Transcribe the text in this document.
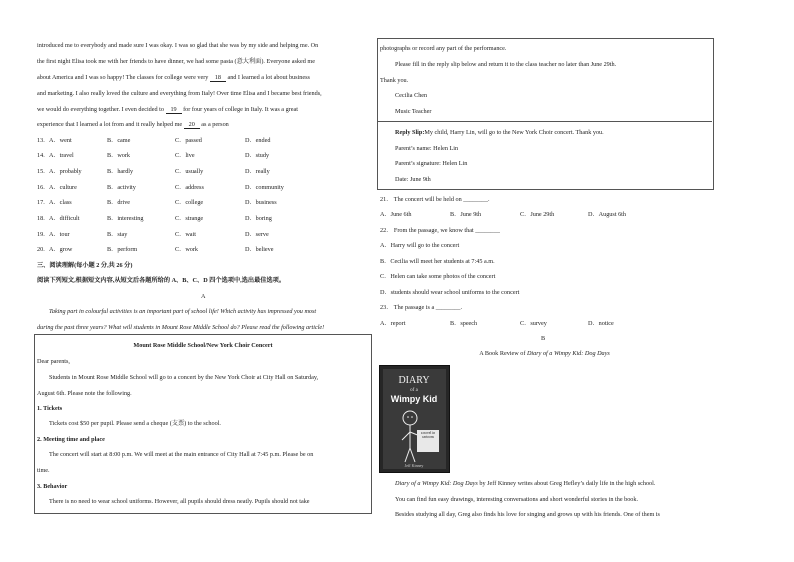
introduced me to everybody and made sure I was okay. I was so glad that she was by my side and helping me. On
the first night Elisa took me with her friends to have dinner, we had some pasta (意大利面). Everyone asked me
about America and I was so happy! The classes for college were very 18 and I learned a lot about business
and marketing. I also really loved the culture and everything from Italy! Over time Elisa and I became best friends,
we would do everything together. I even decided to 19 for four years of college in Italy. It was a great
experience that I learned a lot from and it really helped me 20 as a person
13. A．went	B．came	C．passed	D．ended
14. A．travel	B．work	C．live	D．study
15. A．probably	B．hardly	C．usually	D．really
16. A．culture	B．activity	C．address	D．community
17. A．class	B．drive	C．college	D．business
18. A．difficult	B．interesting	C．strange	D．boring
19. A．tour	B．stay	C．wait	D．serve
20. A．grow	B．perform	C．work	D．believe
三、阅读理解(每小题 2 分,共 26 分)
阅读下列短文,根据短文内容,从短文后各题所给的 A、B、C、D 四个选项中,选出最佳选项。
A
Taking part in colourful activities is an important part of school life! Which activity has impressed you most
during the past three years? What will students in Mount Rose Middle School do? Please read the following article!
Mount Rose Middle School/New York Choir Concert
Dear parents,
Students in Mount Rose Middle School will go to a concert by the New York Choir at City Hall on Saturday,
August 6th. Please note the following.
1. Tickets
Tickets cost $50 per pupil. Please send a cheque (支票) to the school.
2. Meeting time and place
The concert will start at 8:00 p.m. We will meet at the main entrance of City Hall at 7:45 p.m. Please be on
time.
3. Behavior
There is no need to wear school uniforms. However, all pupils should dress neatly. Pupils should not take
photographs or record any part of the performance.
Please fill in the reply slip below and return it to the class teacher no later than June 29th.
Thank you.
Cecilia Chen
Music Teacher
Reply Slip:My child, Harry Lin, will go to the New York Choir concert. Thank you.
Parent’s name: Helen Lin
Parent’s signature: Helen Lin
Date: June 9th
21． The concert will be held on ________.
A．June 6th	B．June 9th	C．June 29th	D．August 6th
22． From the passage, we know that ________
A．Harry will go to the concert
B．Cecilia will meet her students at 7:45 a.m.
C．Helen can take some photos of the concert
D．students should wear school uniforms to the concert
23． The passage is a ________.
A．report	B．speech	C．survey	D．notice
B
A Book Review of Diary of a Wimpy Kid: Dog Days
DIARY
of a
Wimpy Kid
a novel in cartoons
Jeff Kinney
Diary of a Wimpy Kid: Dog Days by Jeff Kinney writes about Greg Hefley’s daily life in the high school.
You can find fun easy drawings, interesting conversations and short wonderful stories in the book.
Besides studying all day, Greg also finds his love for singing and grows up with his friends. One of them is
